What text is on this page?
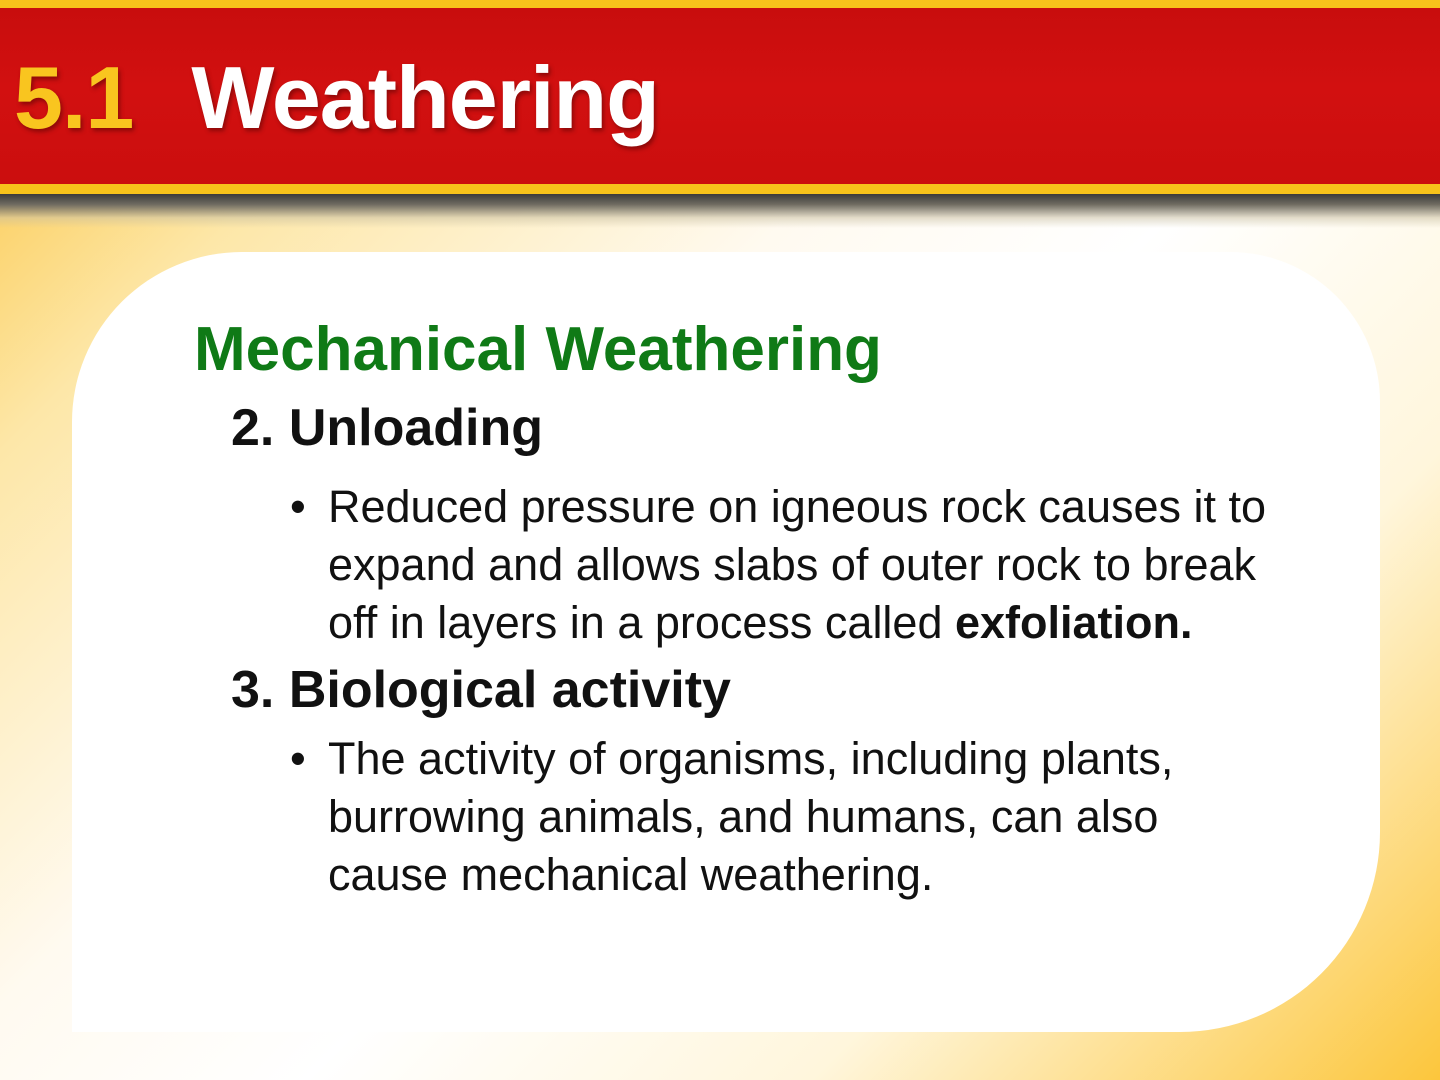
5.1 Weathering
Mechanical Weathering
2. Unloading
• Reduced pressure on igneous rock causes it to
expand and allows slabs of outer rock to break
off in layers in a process called exfoliation.
3. Biological activity
• The activity of organisms, including plants,
burrowing animals, and humans, can also
cause mechanical weathering.
